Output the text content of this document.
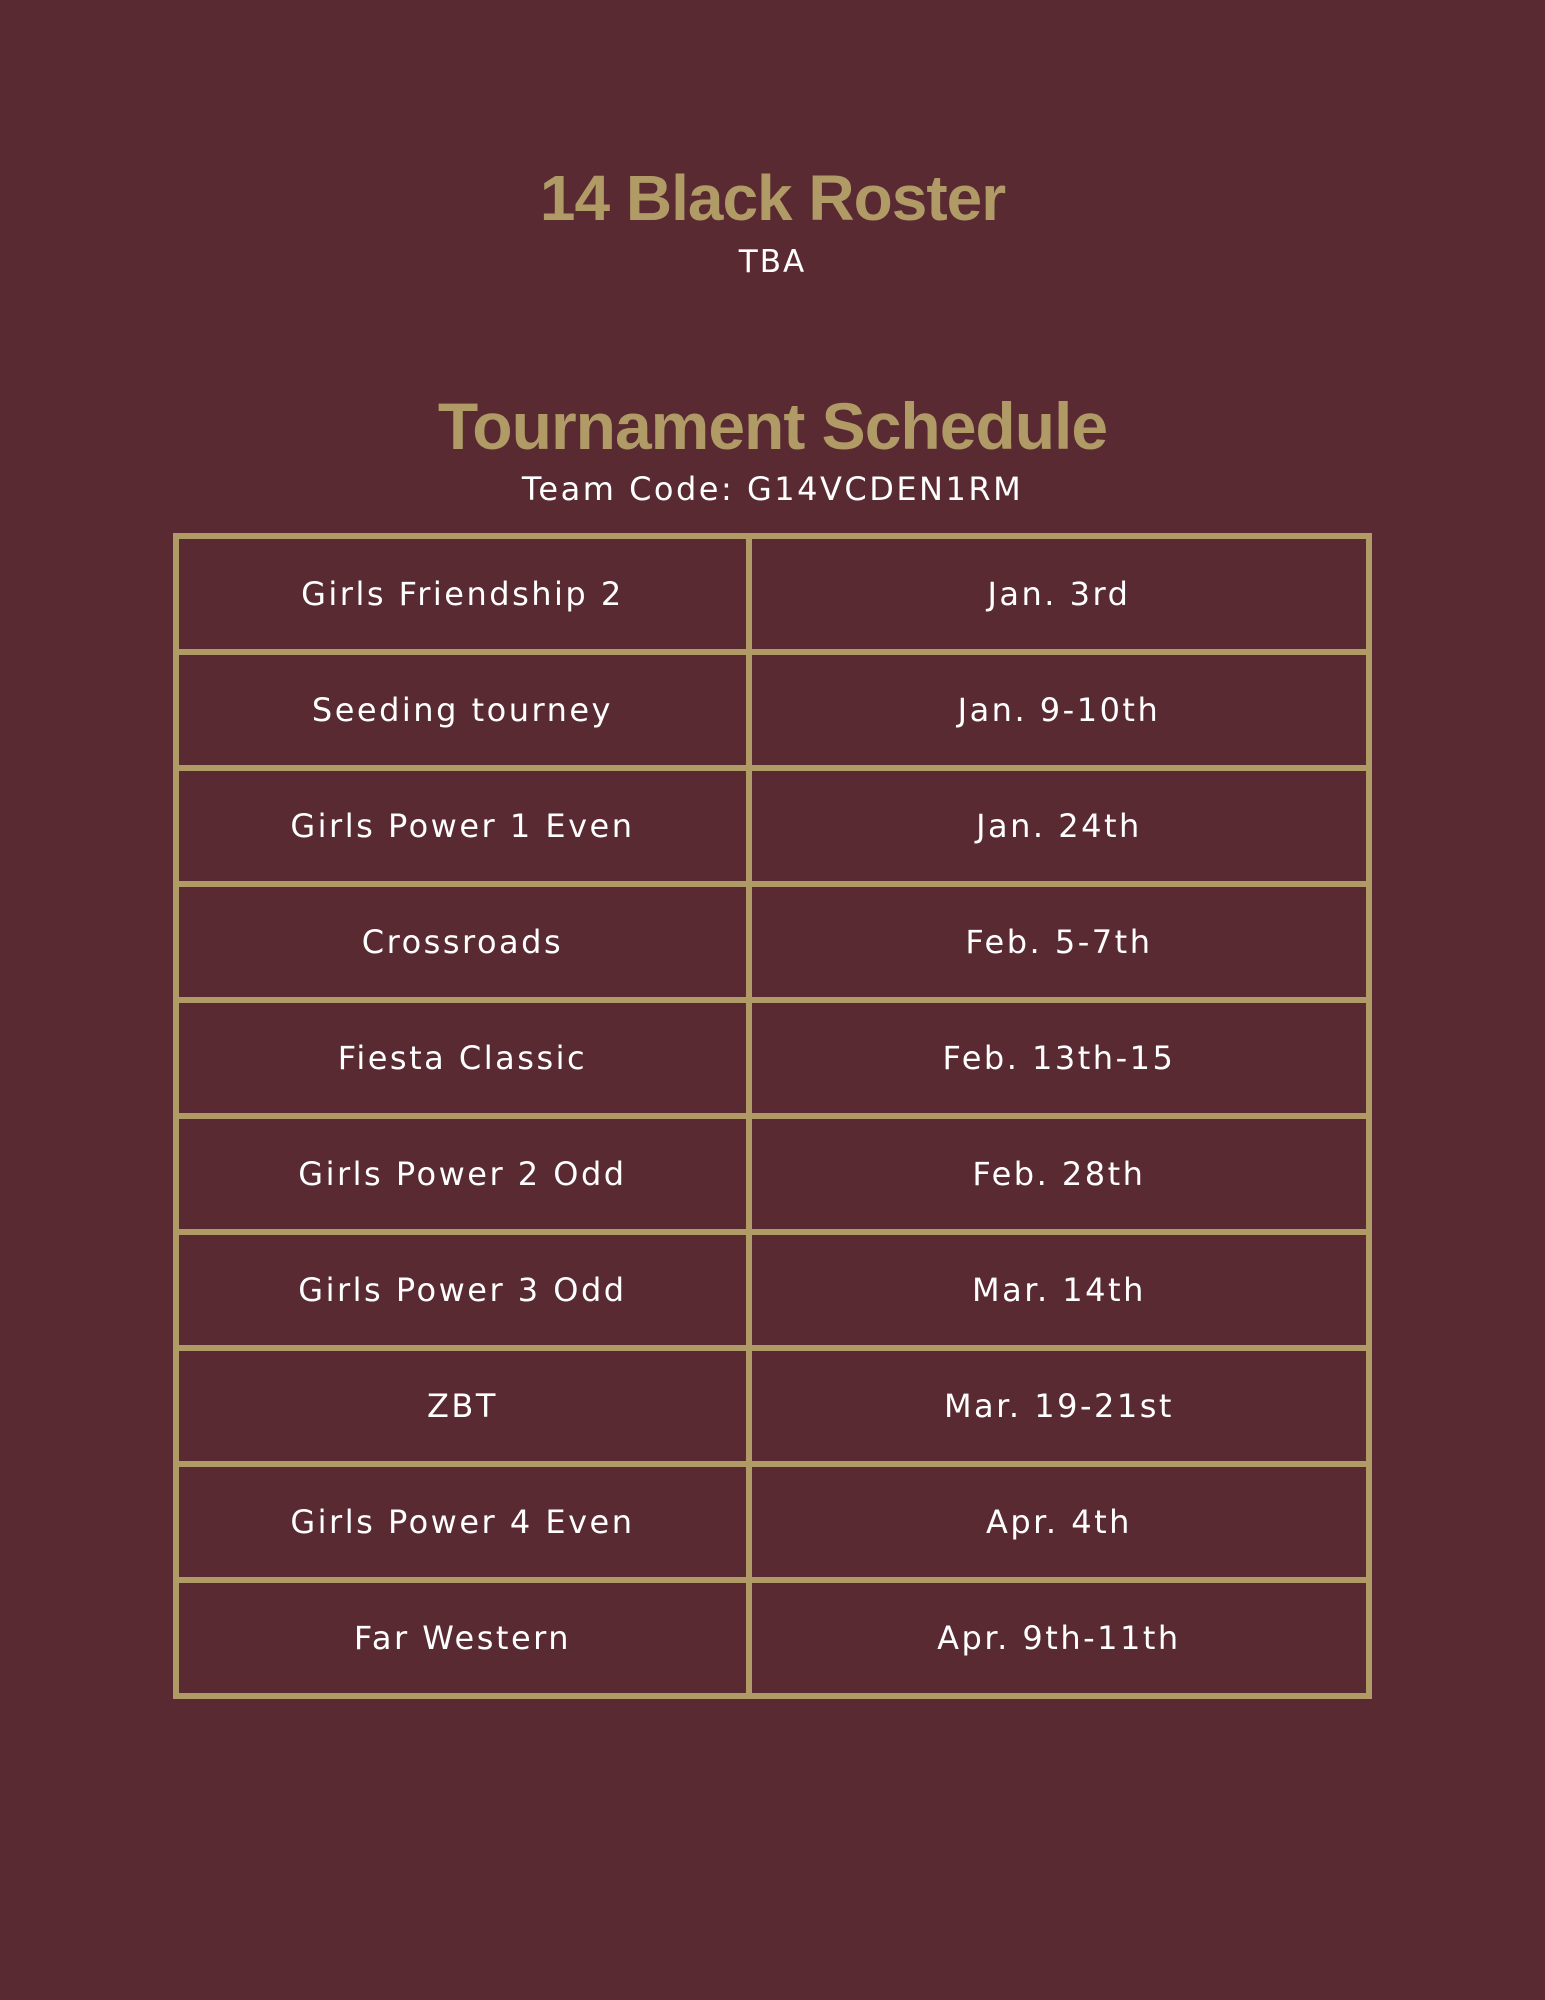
14 Black Roster
TBA
Tournament Schedule
Team Code: G14VCDEN1RM
Girls Friendship 2	Jan. 3rd
Seeding tourney	Jan. 9-10th
Girls Power 1 Even	Jan. 24th
Crossroads	Feb. 5-7th
Fiesta Classic	Feb. 13th-15
Girls Power 2 Odd	Feb. 28th
Girls Power 3 Odd	Mar. 14th
ZBT	Mar. 19-21st
Girls Power 4 Even	Apr. 4th
Far Western	Apr. 9th-11th
